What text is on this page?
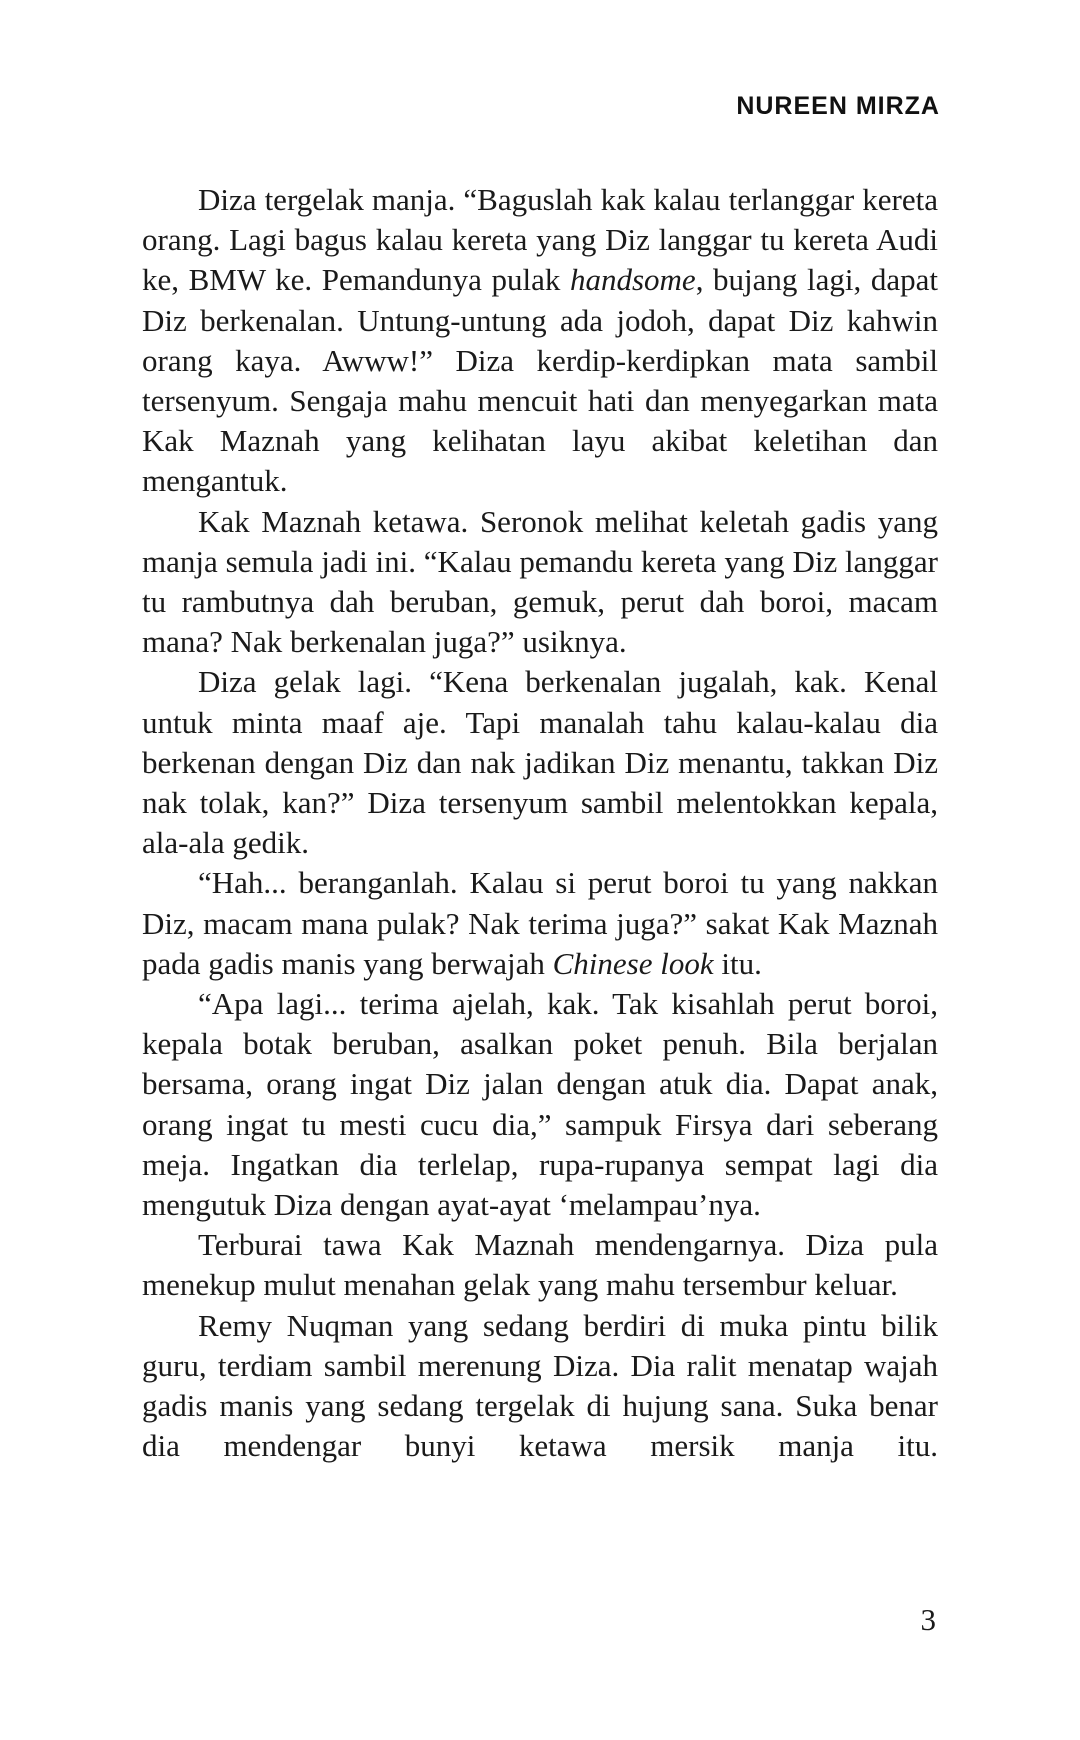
NUREEN MIRZA

Diza tergelak manja. “Baguslah kak kalau terlanggar kereta orang. Lagi bagus kalau kereta yang Diz langgar tu kereta Audi ke, BMW ke. Pemandunya pulak handsome, bujang lagi, dapat Diz berkenalan. Untung-untung ada jodoh, dapat Diz kahwin orang kaya. Awww!” Diza kerdip-kerdipkan mata sambil tersenyum. Sengaja mahu mencuit hati dan menyegarkan mata Kak Maznah yang kelihatan layu akibat keletihan dan mengantuk.

Kak Maznah ketawa. Seronok melihat keletah gadis yang manja semula jadi ini. “Kalau pemandu kereta yang Diz langgar tu rambutnya dah beruban, gemuk, perut dah boroi, macam mana? Nak berkenalan juga?” usiknya.

Diza gelak lagi. “Kena berkenalan jugalah, kak. Kenal untuk minta maaf aje. Tapi manalah tahu kalau-kalau dia berkenan dengan Diz dan nak jadikan Diz menantu, takkan Diz nak tolak, kan?” Diza tersenyum sambil melentokkan kepala, ala-ala gedik.

“Hah... beranganlah. Kalau si perut boroi tu yang nakkan Diz, macam mana pulak? Nak terima juga?” sakat Kak Maznah pada gadis manis yang berwajah Chinese look itu.

“Apa lagi... terima ajelah, kak. Tak kisahlah perut boroi, kepala botak beruban, asalkan poket penuh. Bila berjalan bersama, orang ingat Diz jalan dengan atuk dia. Dapat anak, orang ingat tu mesti cucu dia,” sampuk Firsya dari seberang meja. Ingatkan dia terlelap, rupa-rupanya sempat lagi dia mengutuk Diza dengan ayat-ayat ‘melampau’nya.

Terburai tawa Kak Maznah mendengarnya. Diza pula menekup mulut menahan gelak yang mahu tersembur keluar.

Remy Nuqman yang sedang berdiri di muka pintu bilik guru, terdiam sambil merenung Diza. Dia ralit menatap wajah gadis manis yang sedang tergelak di hujung sana. Suka benar dia mendengar bunyi ketawa mersik manja itu.

3
